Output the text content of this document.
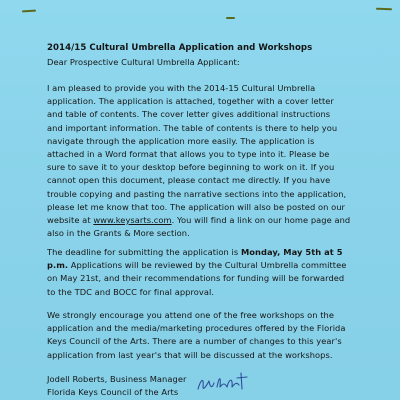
2014/15 Cultural Umbrella Application and Workshops
Dear Prospective Cultural Umbrella Applicant:
I am pleased to provide you with the 2014-15 Cultural Umbrella
application. The application is attached, together with a cover letter
and table of contents. The cover letter gives additional instructions
and important information. The table of contents is there to help you
navigate through the application more easily. The application is
attached in a Word format that allows you to type into it. Please be
sure to save it to your desktop before beginning to work on it. If you
cannot open this document, please contact me directly. If you have
trouble copying and pasting the narrative sections into the application,
please let me know that too. The application will also be posted on our
website at www.keysarts.com. You will find a link on our home page and
also in the Grants & More section.
The deadline for submitting the application is Monday, May 5th at 5
p.m. Applications will be reviewed by the Cultural Umbrella committee
on May 21st, and their recommendations for funding will be forwarded
to the TDC and BOCC for final approval.
We strongly encourage you attend one of the free workshops on the
application and the media/marketing procedures offered by the Florida
Keys Council of the Arts. There are a number of changes to this year's
application from last year's that will be discussed at the workshops.
Jodell Roberts, Business Manager
Florida Keys Council of the Arts
